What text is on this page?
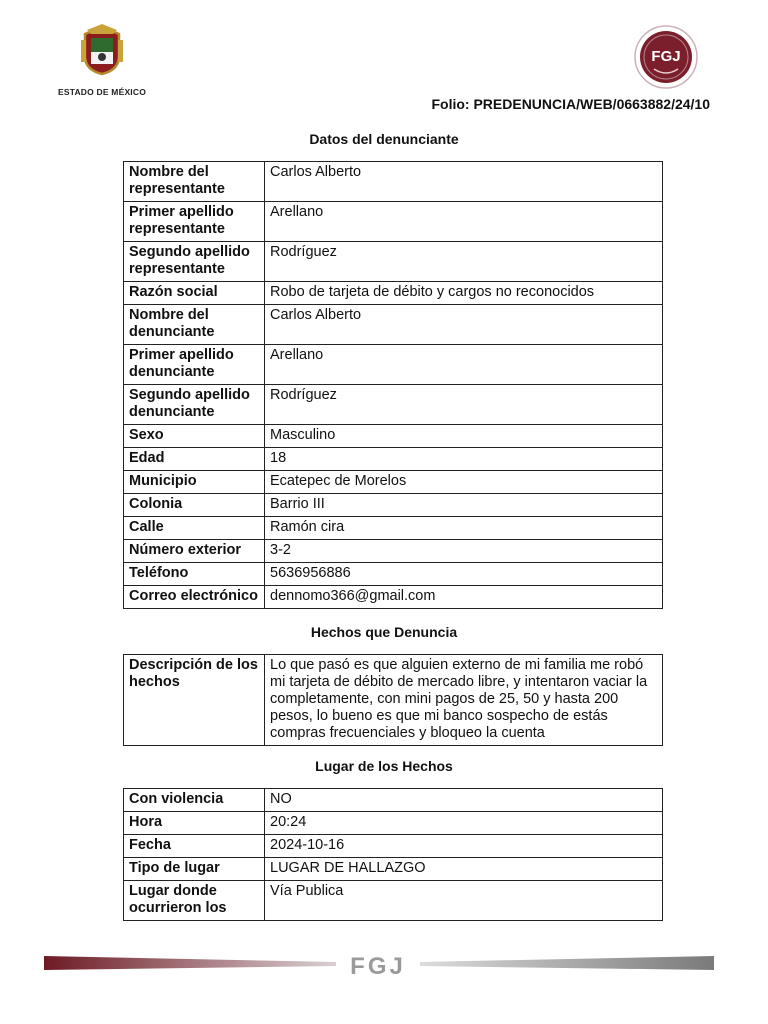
ESTADO DE MÉXICO
FGJ
Folio: PREDENUNCIA/WEB/0663882/24/10
Datos del denunciante
Nombre del representante	Carlos Alberto
Primer apellido representante	Arellano
Segundo apellido representante	Rodríguez
Razón social	Robo de tarjeta de débito y cargos no reconocidos
Nombre del denunciante	Carlos Alberto
Primer apellido denunciante	Arellano
Segundo apellido denunciante	Rodríguez
Sexo	Masculino
Edad	18
Municipio	Ecatepec de Morelos
Colonia	Barrio III
Calle	Ramón cira
Número exterior	3-2
Teléfono	5636956886
Correo electrónico	dennomo366@gmail.com
Hechos que Denuncia
Descripción de los hechos	Lo que pasó es que alguien externo de mi familia me robó mi tarjeta de débito de mercado libre, y intentaron vaciar la completamente, con mini pagos de 25, 50 y hasta 200 pesos, lo bueno es que mi banco sospecho de estás compras frecuenciales y bloqueo la cuenta
Lugar de los Hechos
Con violencia	NO
Hora	20:24
Fecha	2024-10-16
Tipo de lugar	LUGAR DE HALLAZGO
Lugar donde ocurrieron los	Vía Publica
FGJ
